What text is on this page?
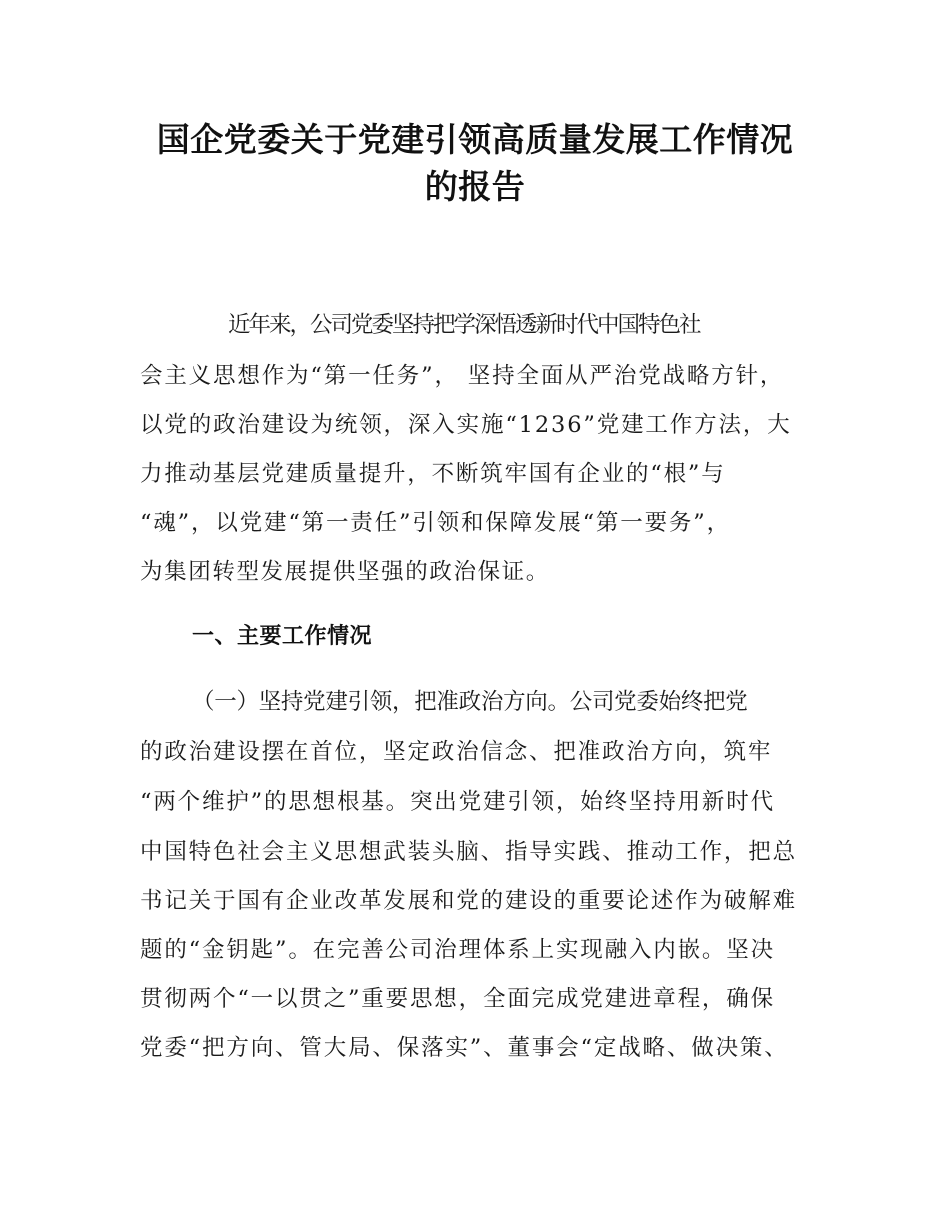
国企党委关于党建引领高质量发展工作情况
的报告
近年来，公司党委坚持把学深悟透新时代中国特色社
会主义思想作为“第一任务”， 坚持全面从严治党战略方针，
以党的政治建设为统领，深入实施“1236”党建工作方法，大
力推动基层党建质量提升，不断筑牢国有企业的“根”与
“魂”，以党建“第一责任”引领和保障发展“第一要务”，
为集团转型发展提供坚强的政治保证。
一、主要工作情况
（一）坚持党建引领，把准政治方向。公司党委始终把党
的政治建设摆在首位，坚定政治信念、把准政治方向，筑牢
“两个维护”的思想根基。突出党建引领，始终坚持用新时代
中国特色社会主义思想武装头脑、指导实践、推动工作，把总
书记关于国有企业改革发展和党的建设的重要论述作为破解难
题的“金钥匙”。在完善公司治理体系上实现融入内嵌。坚决
贯彻两个“一以贯之”重要思想，全面完成党建进章程，确保
党委“把方向、管大局、保落实”、董事会“定战略、做决策、
